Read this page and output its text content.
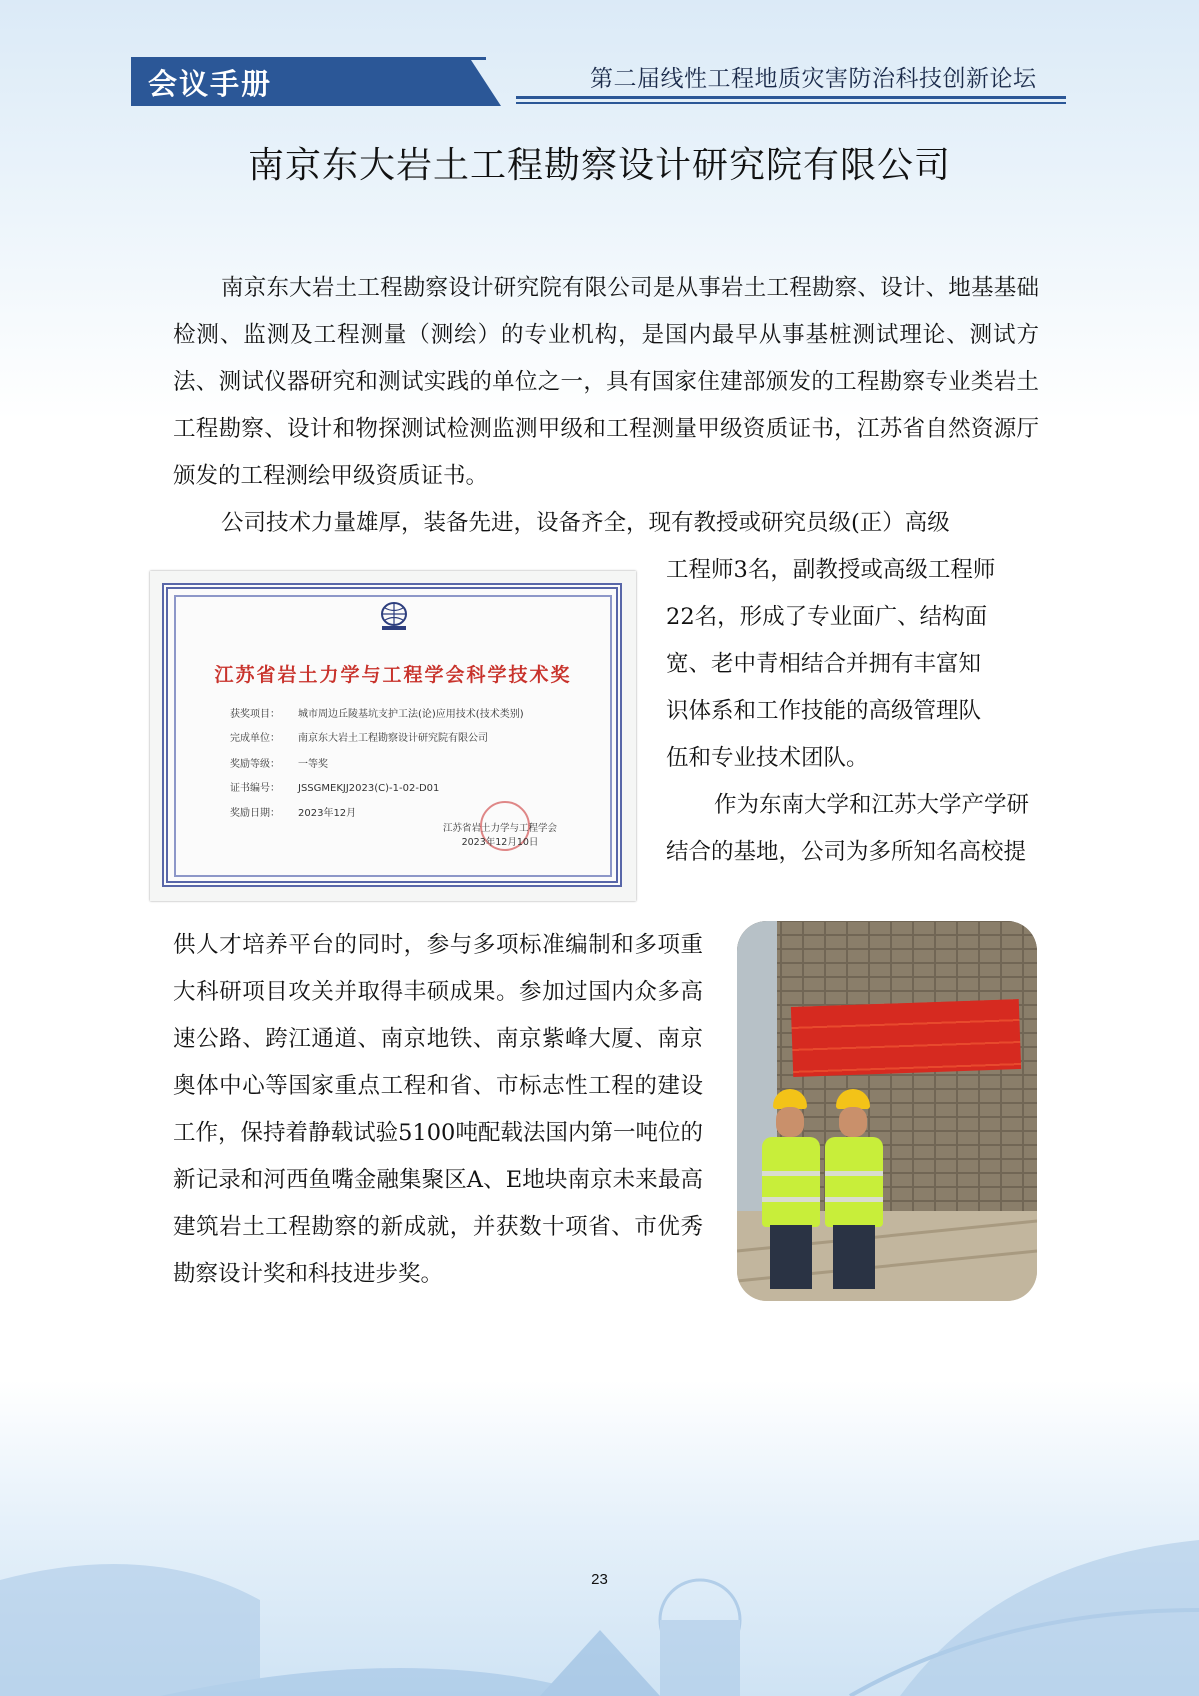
会议手册	第二届线性工程地质灾害防治科技创新论坛
南京东大岩土工程勘察设计研究院有限公司
南京东大岩土工程勘察设计研究院有限公司是从事岩土工程勘察、设计、地基基础检测、监测及工程测量（测绘）的专业机构，是国内最早从事基桩测试理论、测试方法、测试仪器研究和测试实践的单位之一，具有国家住建部颁发的工程勘察专业类岩土工程勘察、设计和物探测试检测监测甲级和工程测量甲级资质证书，江苏省自然资源厅颁发的工程测绘甲级资质证书。
公司技术力量雄厚，装备先进，设备齐全，现有教授或研究员级(正）高级
工程师3名，副教授或高级工程师22名，形成了专业面广、结构面宽、老中青相结合并拥有丰富知识体系和工作技能的高级管理队伍和专业技术团队。
作为东南大学和江苏大学产学研结合的基地，公司为多所知名高校提
供人才培养平台的同时，参与多项标准编制和多项重大科研项目攻关并取得丰硕成果。参加过国内众多高速公路、跨江通道、南京地铁、南京紫峰大厦、南京奥体中心等国家重点工程和省、市标志性工程的建设工作，保持着静载试验5100吨配载法国内第一吨位的新记录和河西鱼嘴金融集聚区A、E地块南京未来最高建筑岩土工程勘察的新成就，并获数十项省、市优秀勘察设计奖和科技进步奖。
江苏省岩土力学与工程学会科学技术奖
获奖项目： 城市周边丘陵基坑支护工法(论)应用技术(技术类别)
完成单位： 南京东大岩土工程勘察设计研究院有限公司
奖励等级： 一等奖
证书编号： JSSGMEKJJ2023(C)-1-02-D01
奖励日期： 2023年12月
江苏省岩土力学与工程学会
2023年12月10日
23
